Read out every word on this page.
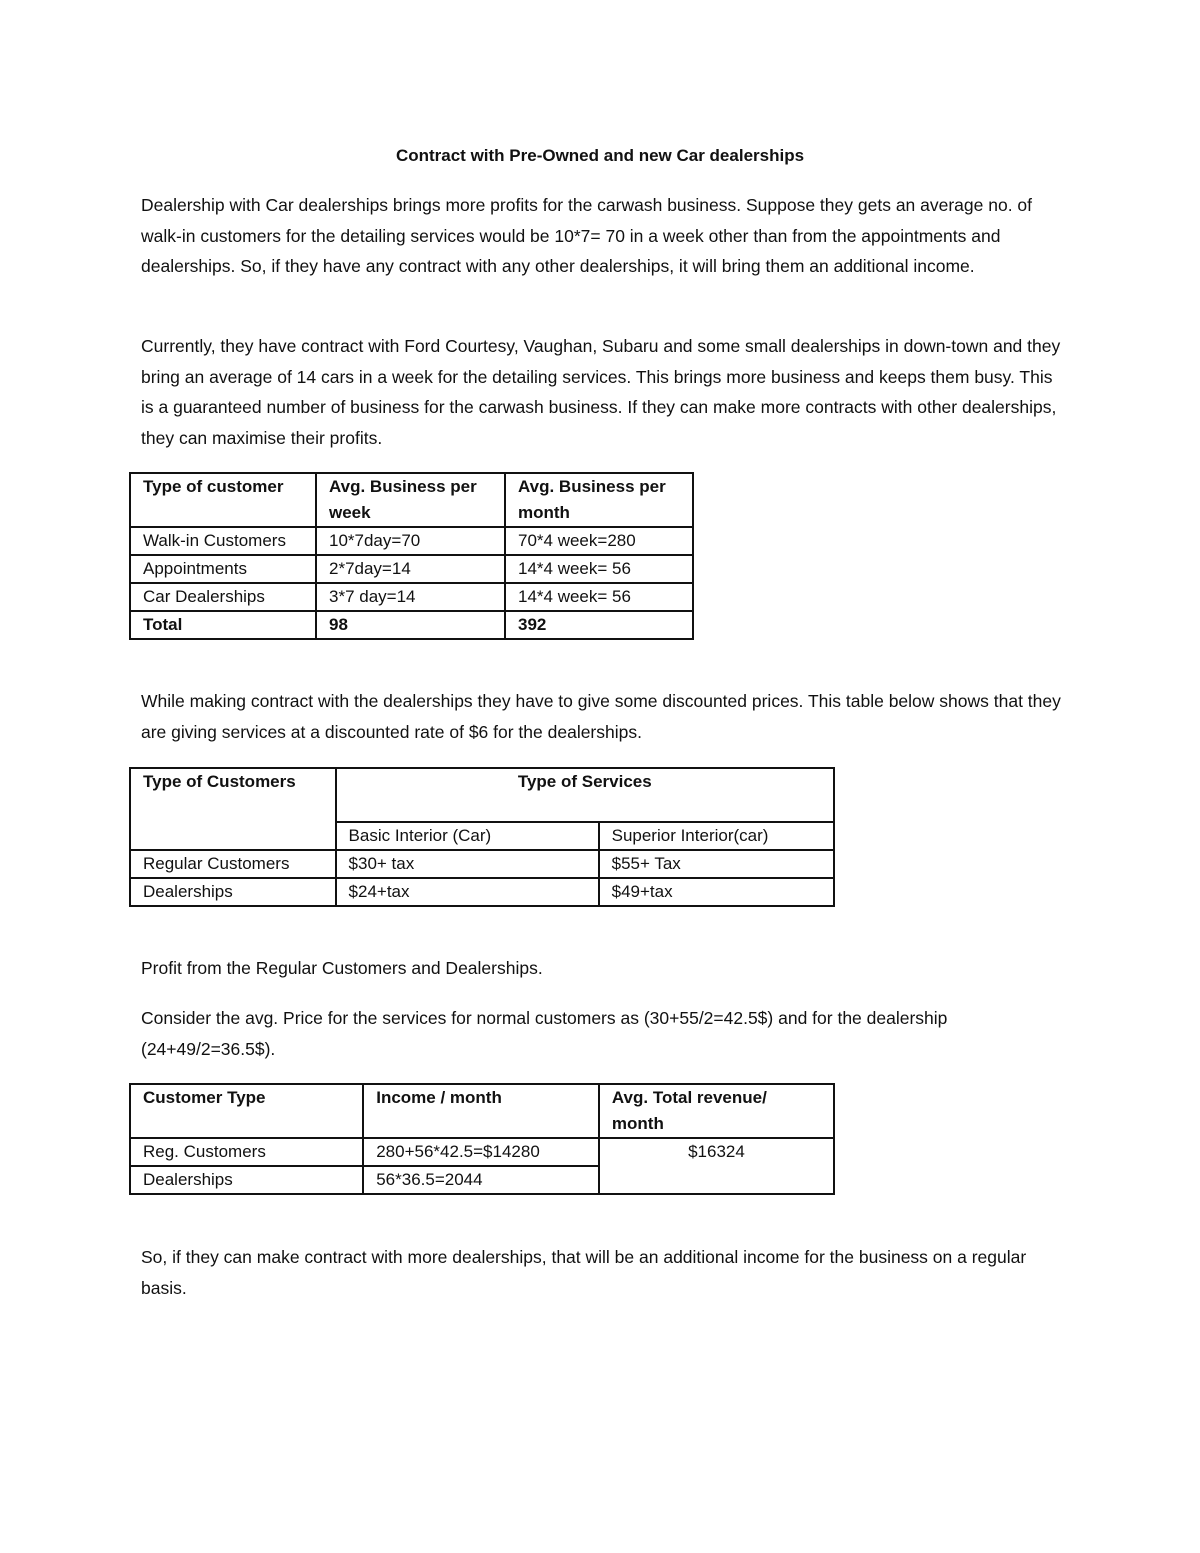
Contract with Pre-Owned and new Car dealerships

Dealership with Car dealerships brings more profits for the carwash business. Suppose they gets an average no. of walk-in customers for the detailing services would be 10*7= 70 in a week other than from the appointments and dealerships. So, if they have any contract with any other dealerships, it will bring them an additional income.

Currently, they have contract with Ford Courtesy, Vaughan, Subaru and some small dealerships in down-town and they bring an average of 14 cars in a week for the detailing services. This brings more business and keeps them busy. This is a guaranteed number of business for the carwash business. If they can make more contracts with other dealerships, they can maximise their profits.

Type of customer	Avg. Business per week	Avg. Business per month
Walk-in Customers	10*7day=70	70*4 week=280
Appointments	2*7day=14	14*4 week= 56
Car Dealerships	3*7 day=14	14*4 week= 56
Total	98	392

While making contract with the dealerships they have to give some discounted prices. This table below shows that they are giving services at a discounted rate of $6 for the dealerships.

Type of Customers	Type of Services	
	Basic Interior (Car)	Superior Interior(car)
Regular Customers	$30+ tax	$55+ Tax
Dealerships	$24+tax	$49+tax

Profit from the Regular Customers and Dealerships.

Consider the avg. Price for the services for normal customers as (30+55/2=42.5$) and for the dealership (24+49/2=36.5$).

Customer Type	Income / month	Avg. Total revenue/ month
Reg. Customers	280+56*42.5=$14280	$16324
Dealerships	56*36.5=2044	

So, if they can make contract with more dealerships, that will be an additional income for the business on a regular basis.
